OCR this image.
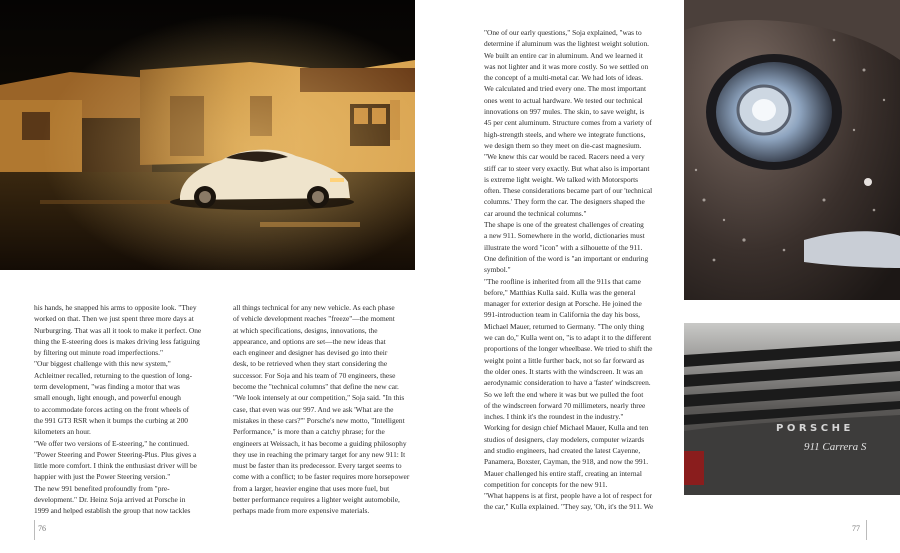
PORSCHE
911 Carrera S

his hands, he snapped his arms to opposite look. "They

worked on that. Then we just spent three more days at

Nurburgring. That was all it took to make it perfect. One

thing the E-steering does is makes driving less fatiguing

by filtering out minute road imperfections."

"Our biggest challenge with this new system,"

Achleitner recalled, returning to the question of long-

term development, "was finding a motor that was

small enough, light enough, and powerful enough

to accommodate forces acting on the front wheels of

the 991 GT3 RSR when it bumps the curbing at 200

kilometers an hour.

"We offer two versions of E-steering," he continued.

"Power Steering and Power Steering-Plus. Plus gives a

little more comfort. I think the enthusiast driver will be

happier with just the Power Steering version."

The new 991 benefited profoundly from "pre-

development." Dr. Heinz Soja arrived at Porsche in

1999 and helped establish the group that now tackles

all things technical for any new vehicle. As each phase

of vehicle development reaches "freeze"—the moment

at which specifications, designs, innovations, the

appearance, and options are set—the new ideas that

each engineer and designer has devised go into their

desk, to be retrieved when they start considering the

successor. For Soja and his team of 70 engineers, these

become the "technical columns" that define the new car.

"We look intensely at our competition," Soja said. "In this

case, that even was our 997. And we ask 'What are the

mistakes in these cars?'" Porsche's new motto, "Intelligent

Performance," is more than a catchy phrase; for the

engineers at Weissach, it has become a guiding philosophy

they use in reaching the primary target for any new 911: It

must be faster than its predecessor. Every target seems to

come with a conflict; to be faster requires more horsepower

from a larger, heavier engine that uses more fuel, but

better performance requires a lighter weight automobile,

perhaps made from more expensive materials.

"One of our early questions," Soja explained, "was to

determine if aluminum was the lightest weight solution.

We built an entire car in aluminum. And we learned it

was not lighter and it was more costly. So we settled on

the concept of a multi-metal car. We had lots of ideas.

We calculated and tried every one. The most important

ones went to actual hardware. We tested our technical

innovations on 997 mules. The skin, to save weight, is

45 per cent aluminum. Structure comes from a variety of

high-strength steels, and where we integrate functions,

we design them so they meet on die-cast magnesium.

"We knew this car would be raced. Racers need a very

stiff car to steer very exactly. But what also is important

is extreme light weight. We talked with Motorsports

often. These considerations became part of our 'technical

columns.' They form the car. The designers shaped the

car around the technical columns."

The shape is one of the greatest challenges of creating

a new 911. Somewhere in the world, dictionaries must

illustrate the word "icon" with a silhouette of the 911.

One definition of the word is "an important or enduring

symbol."

"The roofline is inherited from all the 911s that came

before," Matthias Kulla said. Kulla was the general

manager for exterior design at Porsche. He joined the

991-introduction team in California the day his boss,

Michael Mauer, returned to Germany. "The only thing

we can do," Kulla went on, "is to adapt it to the different

proportions of the longer wheelbase. We tried to shift the

weight point a little further back, not so far forward as

the older ones. It starts with the windscreen. It was an

aerodynamic consideration to have a 'faster' windscreen.

So we left the end where it was but we pulled the foot

of the windscreen forward 70 millimeters, nearly three

inches. I think it's the roundest in the industry."

Working for design chief Michael Mauer, Kulla and ten

studios of designers, clay modelers, computer wizards

and studio engineers, had created the latest Cayenne,

Panamera, Boxster, Cayman, the 918, and now the 991.

Mauer challenged his entire staff, creating an internal

competition for concepts for the new 911.

"What happens is at first, people have a lot of respect for

the car," Kulla explained. "They say, 'Oh, it's the 911. We

76	77
